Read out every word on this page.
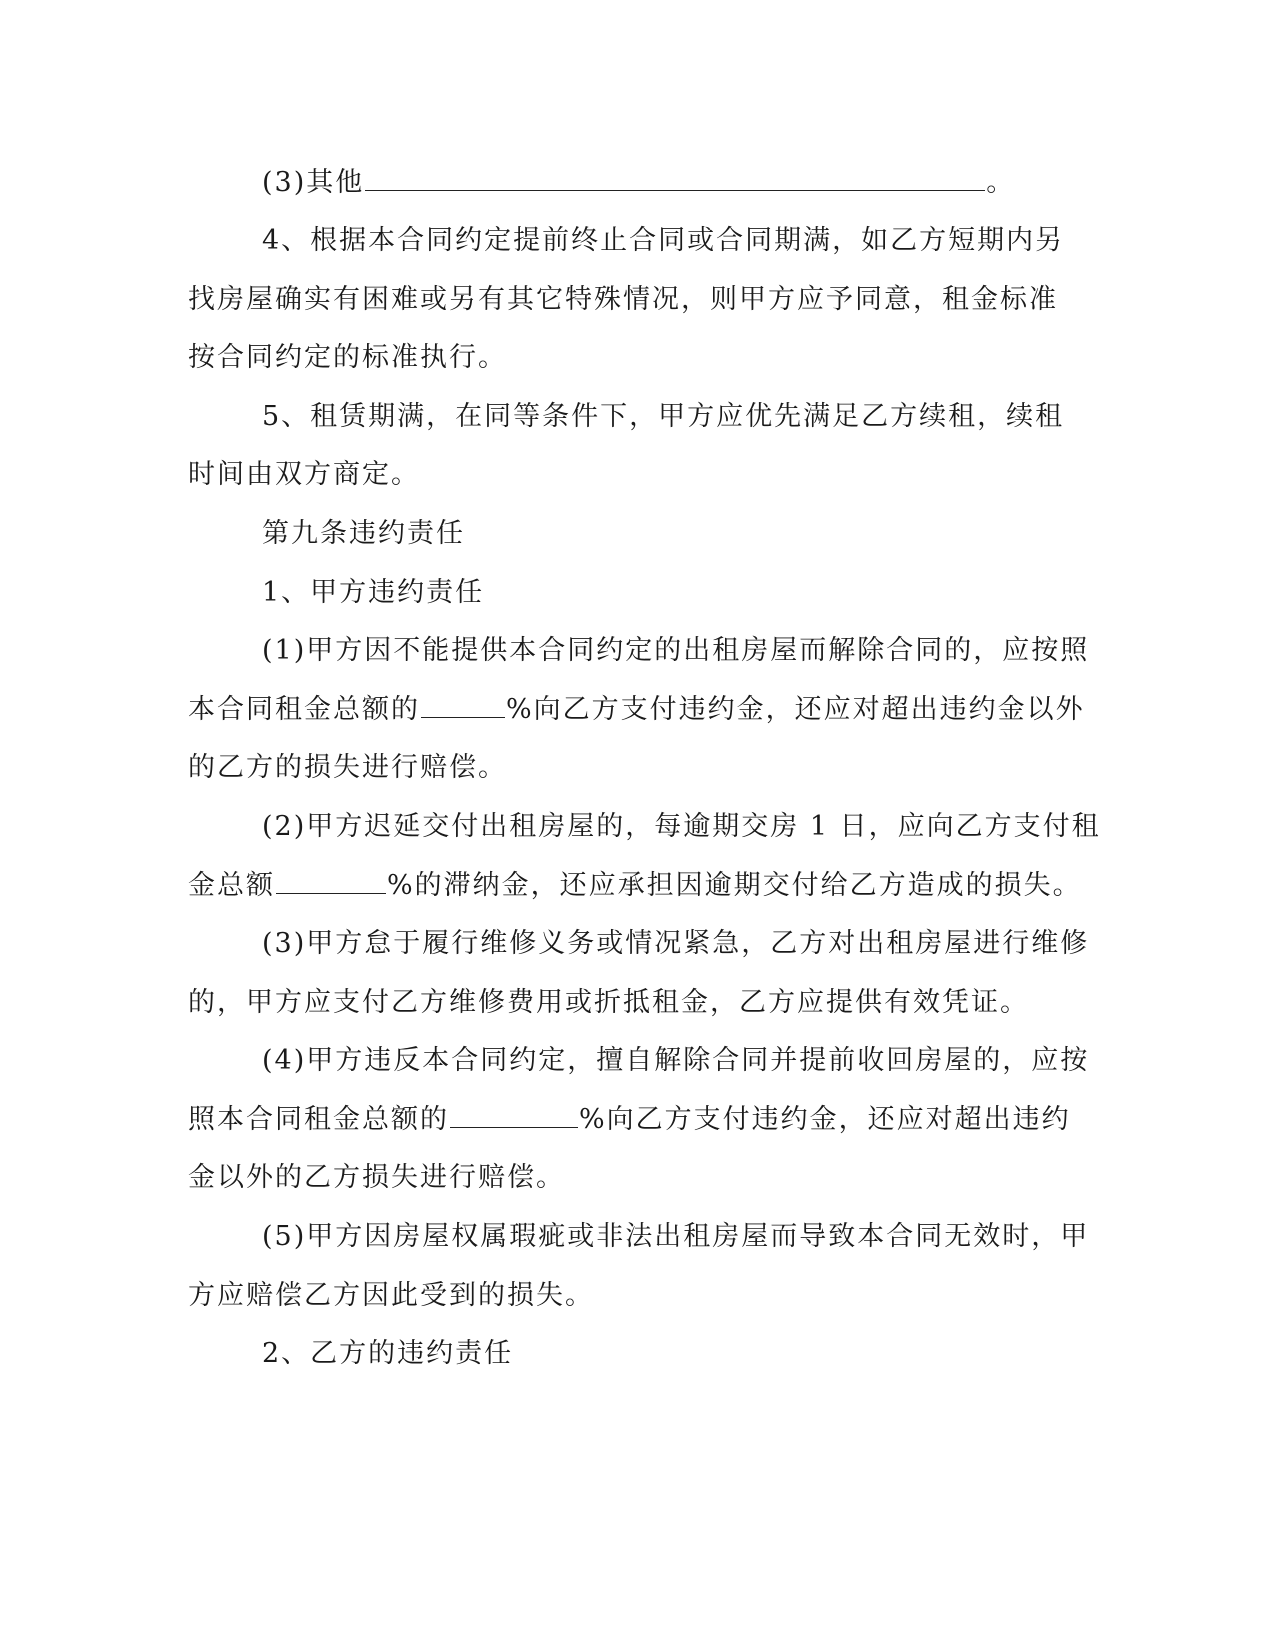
(3)其他	。
4、根据本合同约定提前终止合同或合同期满，如乙方短期内另
找房屋确实有困难或另有其它特殊情况，则甲方应予同意，租金标准
按合同约定的标准执行。
5、租赁期满，在同等条件下，甲方应优先满足乙方续租，续租
时间由双方商定。
第九条违约责任
1、甲方违约责任
(1)甲方因不能提供本合同约定的出租房屋而解除合同的，应按照
本合同租金总额的	%向乙方支付违约金，还应对超出违约金以外
的乙方的损失进行赔偿。
(2)甲方迟延交付出租房屋的，每逾期交房 1 日，应向乙方支付租
金总额	%的滞纳金，还应承担因逾期交付给乙方造成的损失。
(3)甲方怠于履行维修义务或情况紧急，乙方对出租房屋进行维修
的，甲方应支付乙方维修费用或折抵租金，乙方应提供有效凭证。
(4)甲方违反本合同约定，擅自解除合同并提前收回房屋的，应按
照本合同租金总额的	%向乙方支付违约金，还应对超出违约
金以外的乙方损失进行赔偿。
(5)甲方因房屋权属瑕疵或非法出租房屋而导致本合同无效时，甲
方应赔偿乙方因此受到的损失。
2、乙方的违约责任
